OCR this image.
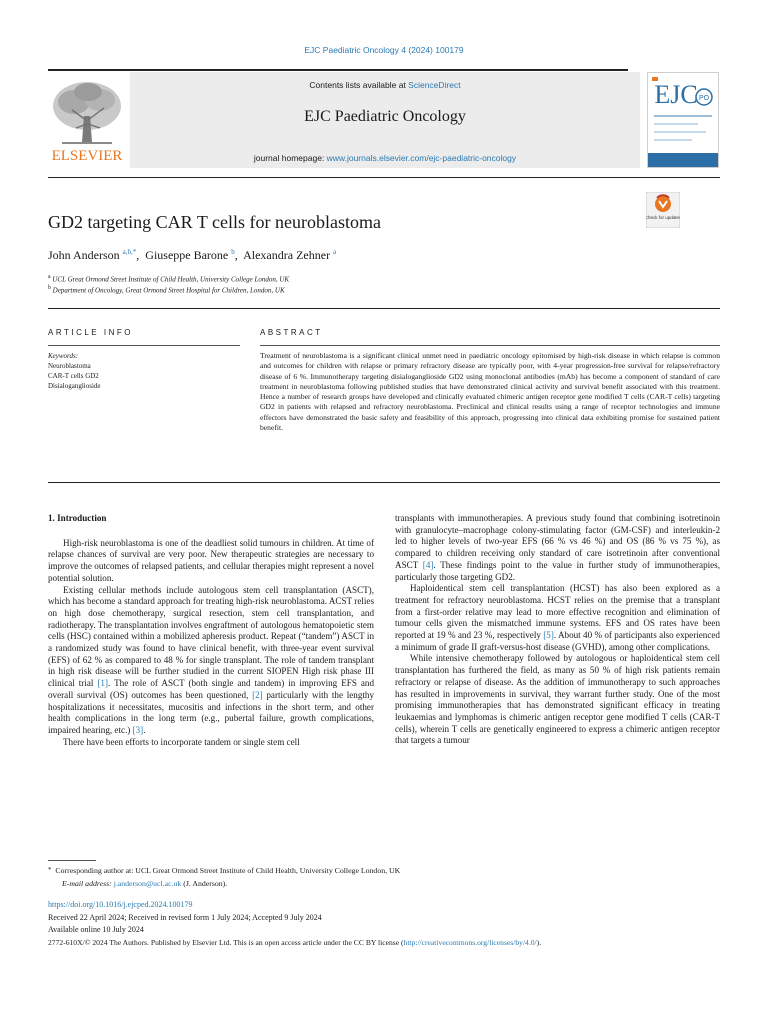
EJC Paediatric Oncology 4 (2024) 100179
ELSEVIER
Contents lists available at ScienceDirect
EJC Paediatric Oncology
journal homepage: www.journals.elsevier.com/ejc-paediatric-oncology
EJC PO
GD2 targeting CAR T cells for neuroblastoma	Check for updates
John Anderson $^{a,b,*}$,  Giuseppe Barone $^b$,  Alexandra Zehner $^a$
$^a$ UCL Great Ormond Street Institute of Child Health, University College London, UK
$^b$ Department of Oncology, Great Ormond Street Hospital for Children, London, UK
ARTICLE INFO	ABSTRACT
Keywords:
Neuroblastoma
CAR-T cells GD2
Disialoganglioside
Treatment of neuroblastoma is a significant clinical unmet need in paediatric oncology epitomised by high-risk disease in which relapse is common and outcomes for children with relapse or primary refractory disease are typically poor, with 4-year progression-free survival for relapse/refractory disease of 6 %. Immunotherapy targeting disialoganglioside GD2 using monoclonal antibodies (mAb) has become a component of standard of care treatment in neuroblastoma following published studies that have demonstrated clinical activity and survival benefit associated with this treatment. Hence a number of research groups have developed and clinically evaluated chimeric antigen receptor gene modified T cells (CAR-T cells) targeting GD2 in patients with relapsed and refractory neuroblastoma. Preclinical and clinical results using a range of receptor technologies and immune effectors have demonstrated the basic safety and feasibility of this approach, progressing into clinical data exhibiting promise for sustained patient benefit.

1. Introduction

High-risk neuroblastoma is one of the deadliest solid tumours in children. At time of relapse chances of survival are very poor. New therapeutic strategies are necessary to improve the outcomes of relapsed patients, and cellular therapies might represent a novel potential solution.

Existing cellular methods include autologous stem cell transplantation (ASCT), which has become a standard approach for treating high-risk neuroblastoma. ACST relies on high dose chemotherapy, surgical resection, stem cell transplantation, and radiotherapy. The transplantation involves engraftment of autologous hematopoietic stem cells (HSC) contained within a mobilized apheresis product. Repeat (“tandem”) ASCT in a randomized study was found to have clinical benefit, with three-year event survival (EFS) of 62 % as compared to 48 % for single transplant. The role of tandem transplant in high risk disease will be further studied in the current SIOPEN High risk phase III clinical trial [1]. The role of ASCT (both single and tandem) in improving EFS and overall survival (OS) outcomes has been questioned, [2] particularly with the lengthy hospitalizations it necessitates, mucositis and infections in the short term, and other health complications in the long term (e.g., pubertal failure, growth complications, impaired hearing, etc.) [3].

There have been efforts to incorporate tandem or single stem cell

transplants with immunotherapies. A previous study found that combining isotretinoin with granulocyte–macrophage colony-stimulating factor (GM-CSF) and interleukin-2 led to higher levels of two-year EFS (66 % vs 46 %) and OS (86 % vs 75 %), as compared to children receiving only standard of care isotretinoin after conventional ASCT [4]. These findings point to the value in further study of immunotherapies, particularly those targeting GD2.

Haploidentical stem cell transplantation (HCST) has also been explored as a treatment for refractory neuroblastoma. HCST relies on the premise that a transplant from a first-order relative may lead to more effective recognition and elimination of tumour cells given the mismatched immune systems. EFS and OS rates have been reported at 19 % and 23 %, respectively [5]. About 40 % of participants also experienced a minimum of grade II graft-versus-host disease (GVHD), among other complications.

While intensive chemotherapy followed by autologous or haploidentical stem cell transplantation has furthered the field, as many as 50 % of high risk patients remain refractory or relapse of disease. As the addition of immunotherapy to such approaches has resulted in improvements in survival, they warrant further study. One of the most promising immunotherapies that has demonstrated significant efficacy in treating leukaemias and lymphomas is chimeric antigen receptor gene modified T cells (CAR-T cells), wherein T cells are genetically engineered to express a chimeric antigen receptor that targets a tumour

* Corresponding author at: UCL Great Ormond Street Institute of Child Health, University College London, UK
E-mail address: j.anderson@ucl.ac.uk (J. Anderson).
https://doi.org/10.1016/j.ejcped.2024.100179
Received 22 April 2024; Received in revised form 1 July 2024; Accepted 9 July 2024
Available online 10 July 2024
2772-610X/© 2024 The Authors. Published by Elsevier Ltd. This is an open access article under the CC BY license (http://creativecommons.org/licenses/by/4.0/).
